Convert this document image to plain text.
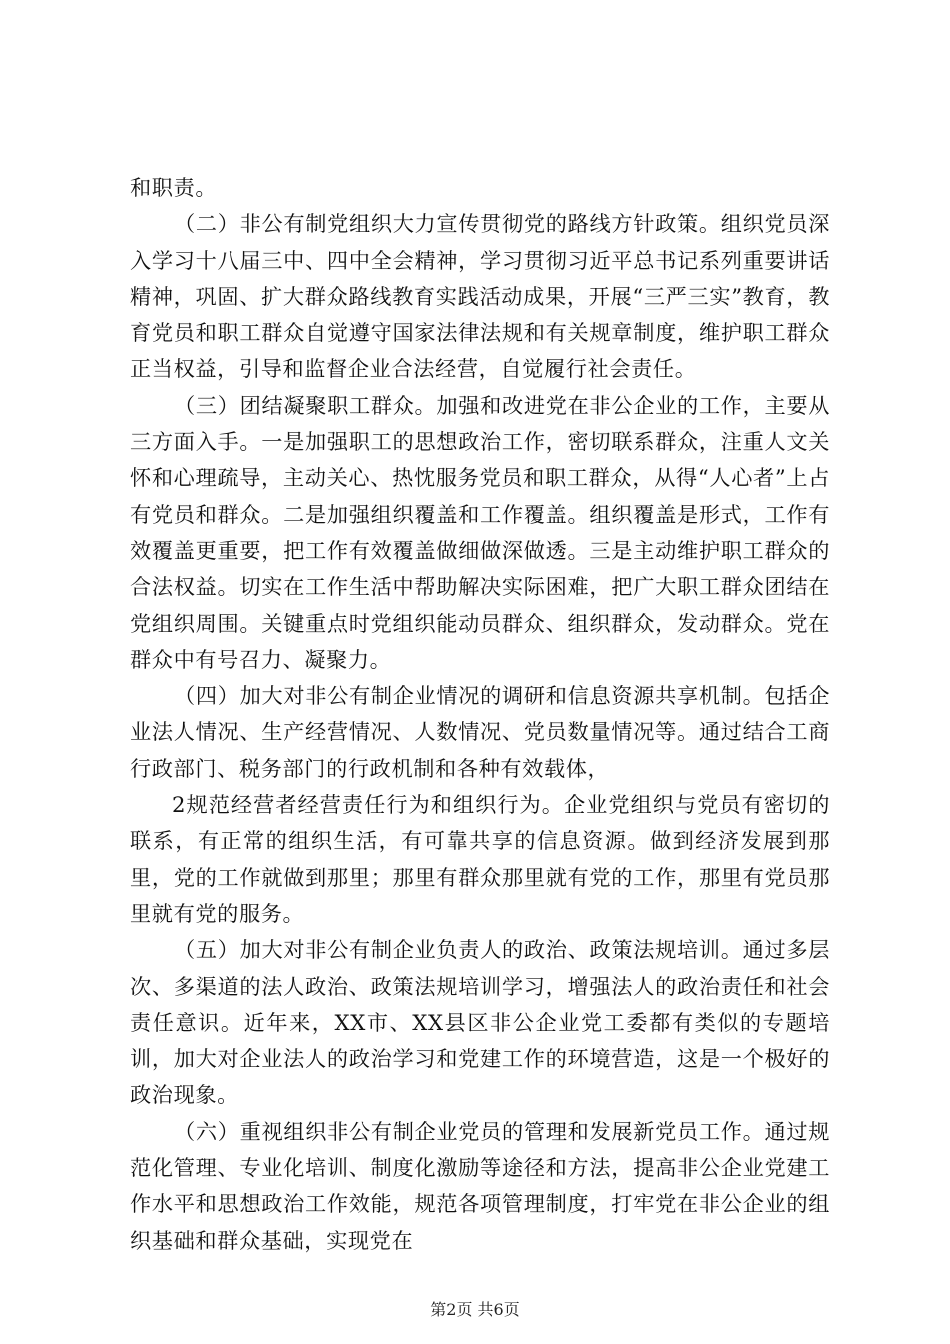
和职责。

（二）非公有制党组织大力宣传贯彻党的路线方针政策。组织党员深入学习十八届三中、四中全会精神，学习贯彻习近平总书记系列重要讲话精神，巩固、扩大群众路线教育实践活动成果，开展“三严三实”教育，教育党员和职工群众自觉遵守国家法律法规和有关规章制度，维护职工群众正当权益，引导和监督企业合法经营，自觉履行社会责任。

（三）团结凝聚职工群众。加强和改进党在非公企业的工作，主要从三方面入手。一是加强职工的思想政治工作，密切联系群众，注重人文关怀和心理疏导，主动关心、热忱服务党员和职工群众，从得“人心者”上占有党员和群众。二是加强组织覆盖和工作覆盖。组织覆盖是形式，工作有效覆盖更重要，把工作有效覆盖做细做深做透。三是主动维护职工群众的合法权益。切实在工作生活中帮助解决实际困难，把广大职工群众团结在党组织周围。关键重点时党组织能动员群众、组织群众，发动群众。党在群众中有号召力、凝聚力。

（四）加大对非公有制企业情况的调研和信息资源共享机制。包括企业法人情况、生产经营情况、人数情况、党员数量情况等。通过结合工商行政部门、税务部门的行政机制和各种有效载体，

2规范经营者经营责任行为和组织行为。企业党组织与党员有密切的联系，有正常的组织生活，有可靠共享的信息资源。做到经济发展到那里，党的工作就做到那里；那里有群众那里就有党的工作，那里有党员那里就有党的服务。

（五）加大对非公有制企业负责人的政治、政策法规培训。通过多层次、多渠道的法人政治、政策法规培训学习，增强法人的政治责任和社会责任意识。近年来，XX市、XX县区非公企业党工委都有类似的专题培训，加大对企业法人的政治学习和党建工作的环境营造，这是一个极好的政治现象。

（六）重视组织非公有制企业党员的管理和发展新党员工作。通过规范化管理、专业化培训、制度化激励等途径和方法，提高非公企业党建工作水平和思想政治工作效能，规范各项管理制度，打牢党在非公企业的组织基础和群众基础，实现党在

第2页 共6页
